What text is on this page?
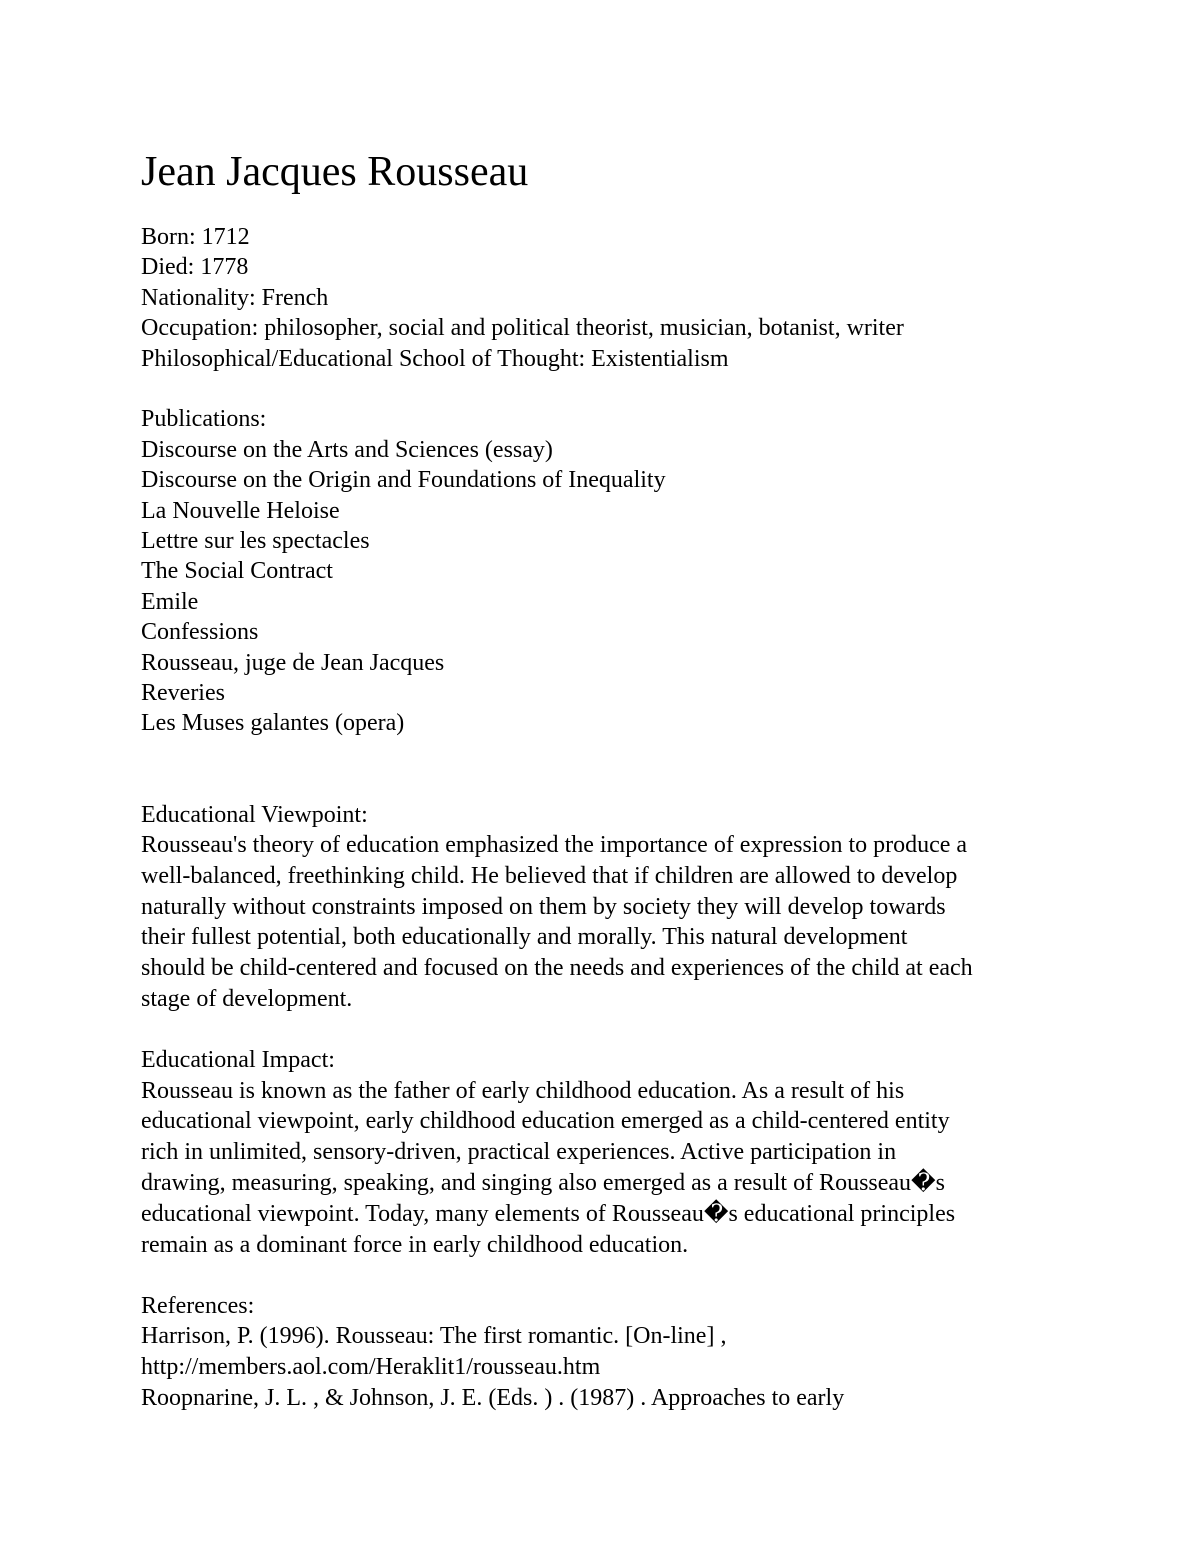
Jean Jacques Rousseau

Born: 1712

Died: 1778

Nationality: French

Occupation: philosopher, social and political theorist, musician, botanist, writer

Philosophical/Educational School of Thought: Existentialism

Publications:

Discourse on the Arts and Sciences (essay)
Discourse on the Origin and Foundations of Inequality
La Nouvelle Heloise
Lettre sur les spectacles
The Social Contract
Emile
Confessions
Rousseau, juge de Jean Jacques
Reveries
Les Muses galantes (opera)

Educational Viewpoint:

Rousseau's theory of education emphasized the importance of expression to produce a
well-balanced, freethinking child. He believed that if children are allowed to develop
naturally without constraints imposed on them by society they will develop towards
their fullest potential, both educationally and morally. This natural development
should be child-centered and focused on the needs and experiences of the child at each
stage of development.

Educational Impact:

Rousseau is known as the father of early childhood education. As a result of his
educational viewpoint, early childhood education emerged as a child-centered entity
rich in unlimited, sensory-driven, practical experiences. Active participation in
drawing, measuring, speaking, and singing also emerged as a result of Rousseau�s
educational viewpoint. Today, many elements of Rousseau�s educational principles
remain as a dominant force in early childhood education.

References:

Harrison, P. (1996). Rousseau: The first romantic. [On-line] ,
http://members.aol.com/Heraklit1/rousseau.htm
Roopnarine, J. L. , & Johnson, J. E. (Eds. ) . (1987) . Approaches to early
